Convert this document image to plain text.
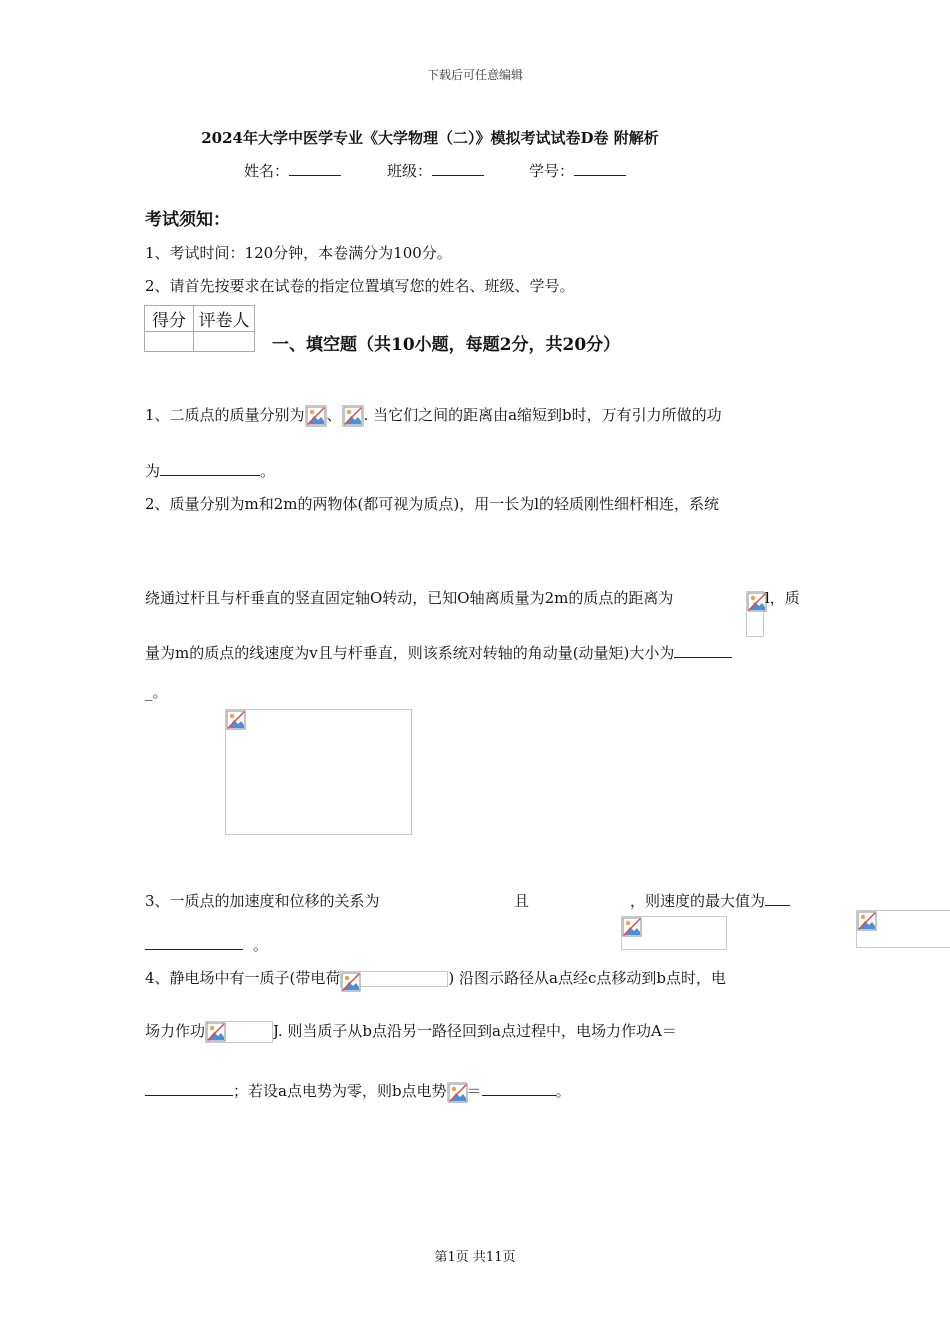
下载后可任意编辑
2024年大学中医学专业《大学物理（二）》模拟考试试卷D卷 附解析
姓名：	班级：	学号：
考试须知：
1、考试时间：120分钟，本卷满分为100分。
2、请首先按要求在试卷的指定位置填写您的姓名、班级、学号。
得分	评卷人

一、填空题（共10小题，每题2分，共20分）
1、二质点的质量分别为 、 . 当它们之间的距离由a缩短到b时，万有引力所做的功
为	。
2、质量分别为m和2m的两物体(都可视为质点)，用一长为l的轻质刚性细杆相连，系统

绕通过杆且与杆垂直的竖直固定轴O转动，已知O轴离质量为2m的质点的距离为	l，质
量为m的质点的线速度为v且与杆垂直，则该系统对转轴的角动量(动量矩)大小为
_。

3、一质点的加速度和位移的关系为	且	，则速度的最大值为
。
4、静电场中有一质子(带电荷	) 沿图示路径从a点经c点移动到b点时，电
场力作功	J. 则当质子从b点沿另一路径回到a点过程中，电场力作功A＝
；若设a点电势为零，则b点电势 ＝	。
第1页 共11页
